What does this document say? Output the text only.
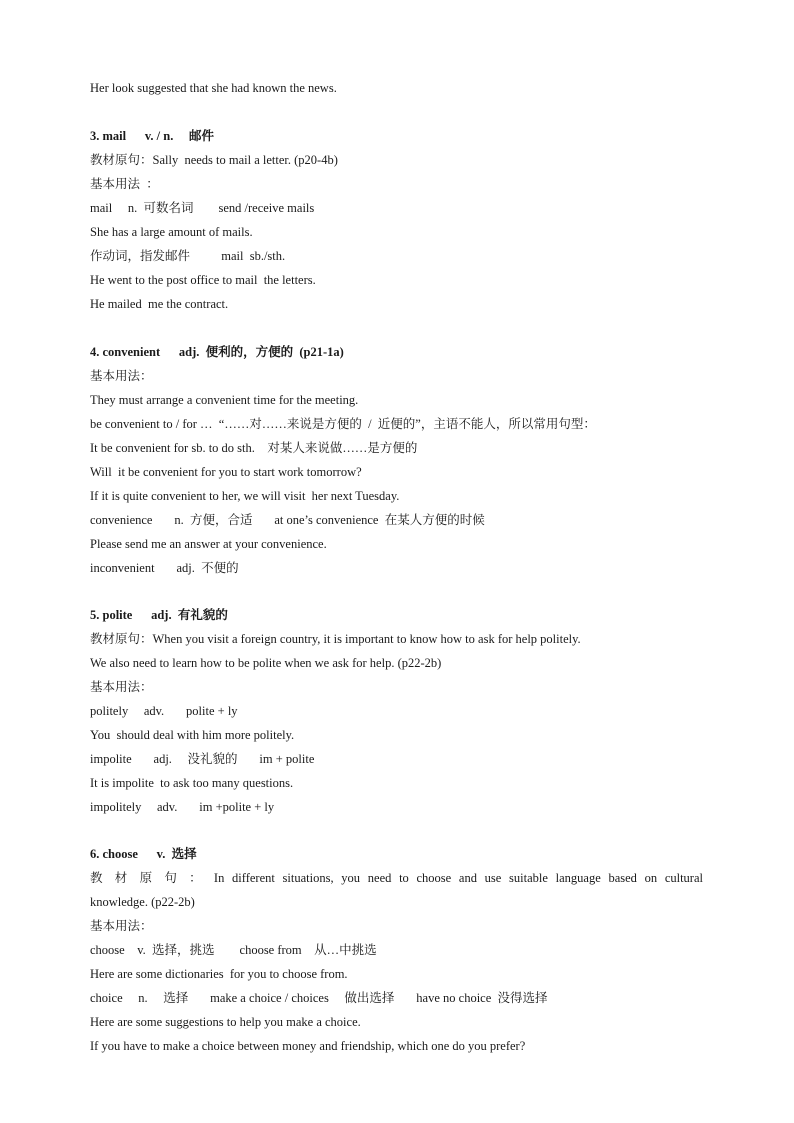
Her look suggested that she had known the news.
3. mail      v. / n.     邮件
教材原句：Sally  needs to mail a letter. (p20-4b)
基本用法  ：
mail     n.  可数名词        send /receive mails
She has a large amount of mails.
作动词，指发邮件          mail  sb./sth.
He went to the post office to mail  the letters.
He mailed  me the contract.
4. convenient      adj.  便利的，方便的  (p21-1a)
基本用法：
They must arrange a convenient time for the meeting.
be convenient to / for …  “……对……来说是方便的  /  近便的”，主语不能人，所以常用句型：
It be convenient for sb. to do sth.    对某人来说做……是方便的
Will  it be convenient for you to start work tomorrow?
If it is quite convenient to her, we will visit  her next Tuesday.
convenience       n.  方便，合适       at one’s convenience  在某人方便的时候
Please send me an answer at your convenience.
inconvenient       adj.  不便的
5. polite      adj.  有礼貌的
教材原句：When you visit a foreign country, it is important to know how to ask for help politely.
We also need to learn how to be polite when we ask for help. (p22-2b)
基本用法：
politely     adv.       polite + ly
You  should deal with him more politely.
impolite       adj.     没礼貌的       im + polite
It is impolite  to ask too many questions.
impolitely     adv.       im +polite + ly
6. choose      v.  选择
教 材 原 句 ： In different situations, you need to choose and use suitable language based on cultural
knowledge. (p22-2b)
基本用法：
choose    v.  选择，挑选        choose from    从…中挑选
Here are some dictionaries  for you to choose from.
choice     n.     选择       make a choice / choices     做出选择       have no choice  没得选择
Here are some suggestions to help you make a choice.
If you have to make a choice between money and friendship, which one do you prefer?
